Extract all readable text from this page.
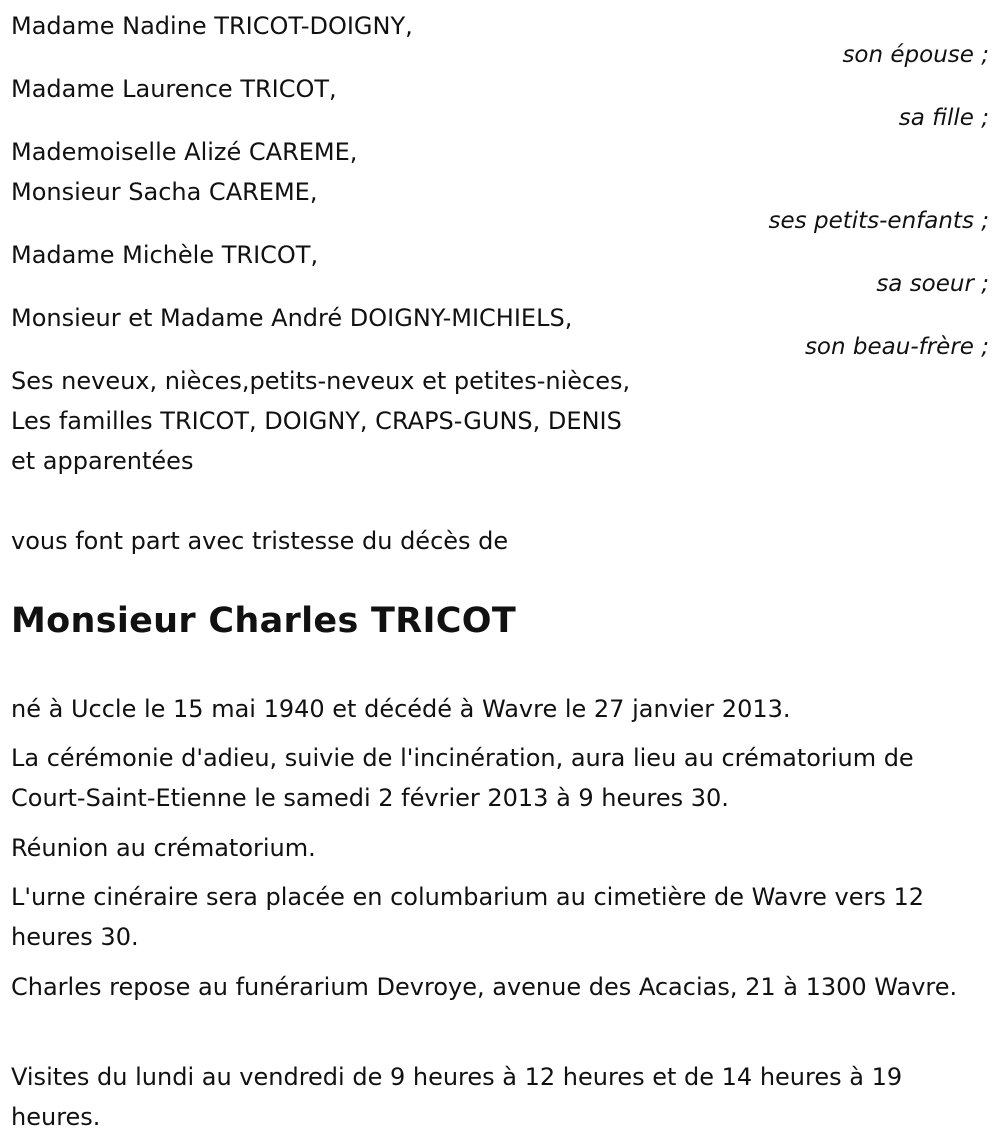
Madame Nadine TRICOT-DOIGNY,
son épouse ;
Madame Laurence TRICOT,
sa fille ;
Mademoiselle Alizé CAREME,
Monsieur Sacha CAREME,
ses petits-enfants ;
Madame Michèle TRICOT,
sa soeur ;
Monsieur et Madame André DOIGNY-MICHIELS,
son beau-frère ;
Ses neveux, nièces,petits-neveux et petites-nièces,
Les familles TRICOT, DOIGNY, CRAPS-GUNS, DENIS
et apparentées
vous font part avec tristesse du décès de
Monsieur Charles TRICOT
né à Uccle le 15 mai 1940 et décédé à Wavre le 27 janvier 2013.
La cérémonie d'adieu, suivie de l'incinération, aura lieu au crématorium de Court-Saint-Etienne le samedi 2 février 2013 à 9 heures 30.
Réunion au crématorium.
L'urne cinéraire sera placée en columbarium au cimetière de Wavre vers 12 heures 30.
Charles repose au funérarium Devroye, avenue des Acacias, 21 à 1300 Wavre.
Visites du lundi au vendredi de 9 heures à 12 heures et de 14 heures à 19 heures.
